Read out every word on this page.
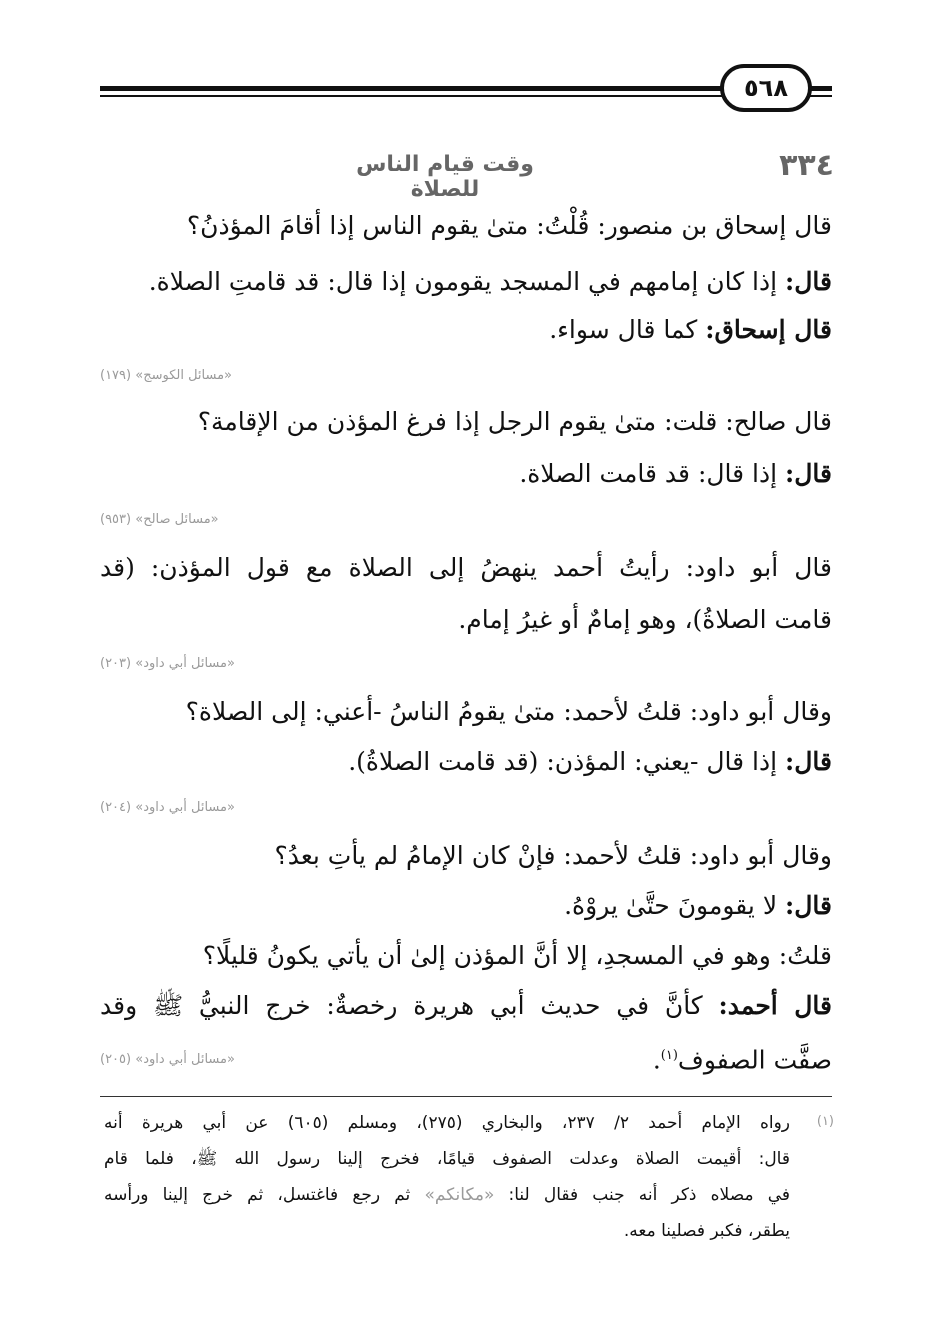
٥٦٨
٣٣٤
وقت قيام الناس للصلاة
قال إسحاق بن منصور: قُلْتُ: متىٰ يقوم الناس إذا أقامَ المؤذنُ؟
قال: إذا كان إمامهم في المسجد يقومون إذا قال: قد قامتِ الصلاة.
قال إسحاق: كما قال سواء.
«مسائل الكوسج» (١٧٩)
قال صالح: قلت: متىٰ يقوم الرجل إذا فرغ المؤذن من الإقامة؟
قال: إذا قال: قد قامت الصلاة.
«مسائل صالح» (٩٥٣)
قال أبو داود: رأيتُ أحمد ينهضُ إلى الصلاة مع قول المؤذن: (قد
قامت الصلاةُ)، وهو إمامٌ أو غيرُ إمام.
«مسائل أبي داود» (٢٠٣)
وقال أبو داود: قلتُ لأحمد: متىٰ يقومُ الناسُ -أعني: إلى الصلاة؟
قال: إذا قال -يعني: المؤذن: (قد قامت الصلاةُ).
«مسائل أبي داود» (٢٠٤)
وقال أبو داود: قلتُ لأحمد: فإنْ كان الإمامُ لم يأتِ بعدُ؟
قال: لا يقومونَ حتَّىٰ يروْهُ.
قلتُ: وهو في المسجدِ، إلا أنَّ المؤذن إلىٰ أن يأتي يكونُ قليلًا؟
قال أحمد: كأنَّ في حديث أبي هريرة رخصةٌ: خرج النبيُّ ﷺ وقد
صفَّت الصفوف$^{(١)}$.
«مسائل أبي داود» (٢٠٥)
(١)
رواه الإمام أحمد ٢/ ٢٣٧، والبخاري (٢٧٥)، ومسلم (٦٠٥) عن أبي هريرة أنه
قال: أقيمت الصلاة وعدلت الصفوف قيامًا، فخرج إلينا رسول الله ﷺ، فلما قام
في مصلاه ذكر أنه جنب فقال لنا: «مكانكم» ثم رجع فاغتسل، ثم خرج إلينا ورأسه
يطقر، فكبر فصلينا معه.
